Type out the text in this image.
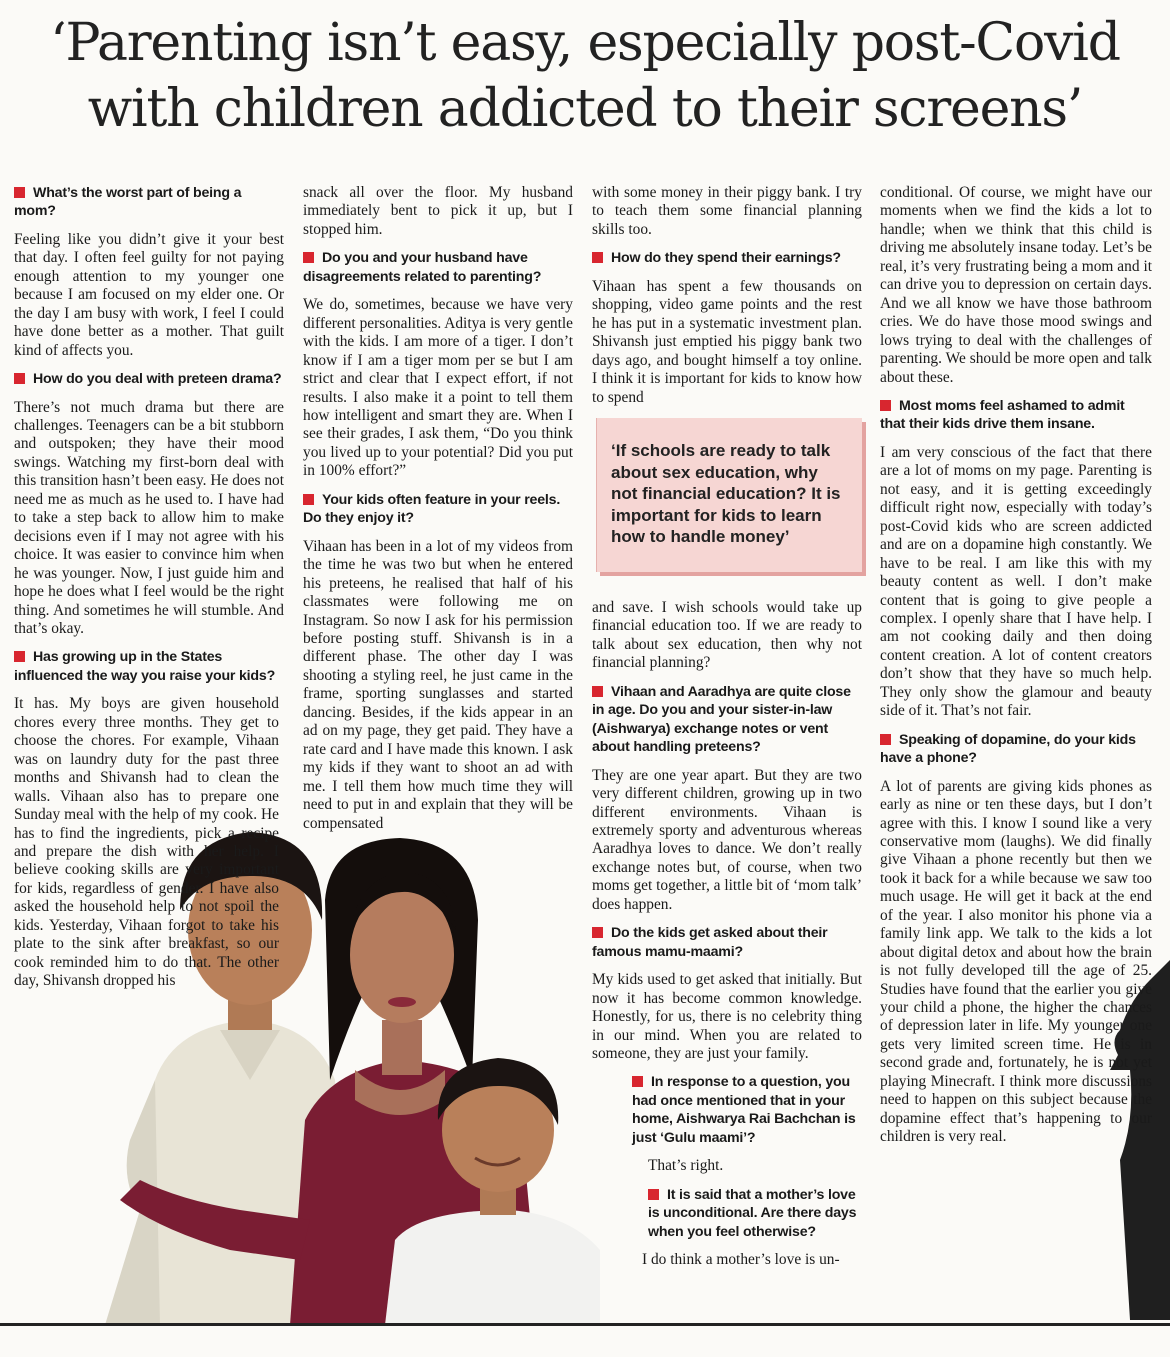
‘Parenting isn’t easy, especially post-Covid
with children addicted to their screens’

What’s the worst part of being a mom?

Feeling like you didn’t give it your best that day. I often feel guilty for not paying enough attention to my younger one because I am focused on my elder one. Or the day I am busy with work, I feel I could have done better as a mother. That guilt kind of affects you.

How do you deal with preteen drama?

There’s not much drama but there are challenges. Teenagers can be a bit stubborn and outspoken; they have their mood swings. Watching my first-born deal with this transition hasn’t been easy. He does not need me as much as he used to. I have had to take a step back to allow him to make decisions even if I may not agree with his choice. It was easier to convince him when he was younger. Now, I just guide him and hope he does what I feel would be the right thing. And sometimes he will stumble. And that’s okay.

Has growing up in the States influenced the way you raise your kids?

It has. My boys are given household chores every three months. They get to choose the chores. For example, Vihaan was on laundry duty for the past three months and Shivansh had to clean the walls. Vihaan also has to prepare one Sunday meal with the help of my cook. He has to find the ingredients, pick a recipe and prepare the dish with her help. I believe cooking skills are very important for kids, regardless of gender. I have also asked the household help to not spoil the kids. Yesterday, Vihaan forgot to take his plate to the sink after breakfast, so our cook reminded him to do that. The other day, Shivansh dropped his

snack all over the floor. My husband immediately bent to pick it up, but I stopped him.

Do you and your husband have disagreements related to parenting?

We do, sometimes, because we have very different personalities. Aditya is very gentle with the kids. I am more of a tiger. I don’t know if I am a tiger mom per se but I am strict and clear that I expect effort, if not results. I also make it a point to tell them how intelligent and smart they are. When I see their grades, I ask them, “Do you think you lived up to your potential? Did you put in 100% effort?”

Your kids often feature in your reels. Do they enjoy it?

Vihaan has been in a lot of my videos from the time he was two but when he entered his preteens, he realised that half of his classmates were following me on Instagram. So now I ask for his permission before posting stuff. Shivansh is in a different phase. The other day I was shooting a styling reel, he just came in the frame, sporting sunglasses and started dancing. Besides, if the kids appear in an ad on my page, they get paid. They have a rate card and I have made this known. I ask my kids if they want to shoot an ad with me. I tell them how much time they will need to put in and explain that they will be compensated

with some money in their piggy bank. I try to teach them some financial planning skills too.

How do they spend their earnings?

Vihaan has spent a few thousands on shopping, video game points and the rest he has put in a systematic investment plan. Shivansh just emptied his piggy bank two days ago, and bought himself a toy online. I think it is important for kids to know how to spend

and save. I wish schools would take up financial education too. If we are ready to talk about sex education, then why not financial planning?

Vihaan and Aaradhya are quite close in age. Do you and your sister-in-law (Aishwarya) exchange notes or vent about handling preteens?

They are one year apart. But they are two very different children, growing up in two different environments. Vihaan is extremely sporty and adventurous whereas Aaradhya loves to dance. We don’t really exchange notes but, of course, when two moms get together, a little bit of ‘mom talk’ does happen.

Do the kids get asked about their famous mamu-maami?

My kids used to get asked that initially. But now it has become common knowledge. Honestly, for us, there is no celebrity thing in our mind. When you are related to someone, they are just your family.

In response to a question, you had once mentioned that in your home, Aishwarya Rai Bachchan is just ‘Gulu maami’?

That’s right.

It is said that a mother’s love is unconditional. Are there days when you feel otherwise?

I do think a mother’s love is un-

‘If schools are ready to talk about sex education, why not financial education? It is important for kids to learn how to handle money’

conditional. Of course, we might have our moments when we find the kids a lot to handle; when we think that this child is driving me absolutely insane today. Let’s be real, it’s very frustrating being a mom and it can drive you to depression on certain days. And we all know we have those bathroom cries. We do have those mood swings and lows trying to deal with the challenges of parenting. We should be more open and talk about these.

Most moms feel ashamed to admit that their kids drive them insane.

I am very conscious of the fact that there are a lot of moms on my page. Parenting is not easy, and it is getting exceedingly difficult right now, especially with today’s post-Covid kids who are screen addicted and are on a dopamine high constantly. We have to be real. I am like this with my beauty content as well. I don’t make content that is going to give people a complex. I openly share that I have help. I am not cooking daily and then doing content creation. A lot of content creators don’t show that they have so much help. They only show the glamour and beauty side of it. That’s not fair.

Speaking of dopamine, do your kids have a phone?

A lot of parents are giving kids phones as early as nine or ten these days, but I don’t agree with this. I know I sound like a very conservative mom (laughs). We did finally give Vihaan a phone recently but then we took it back for a while because we saw too much usage. He will get it back at the end of the year. I also monitor his phone via a family link app. We talk to the kids a lot about digital detox and about how the brain is not fully developed till the age of 25. Studies have found that the earlier you give your child a phone, the higher the chances of depression later in life. My younger one gets very limited screen time. He is in second grade and, fortunately, he is not yet playing Minecraft. I think more discussions need to happen on this subject because the dopamine effect that’s happening to our children is very real.
